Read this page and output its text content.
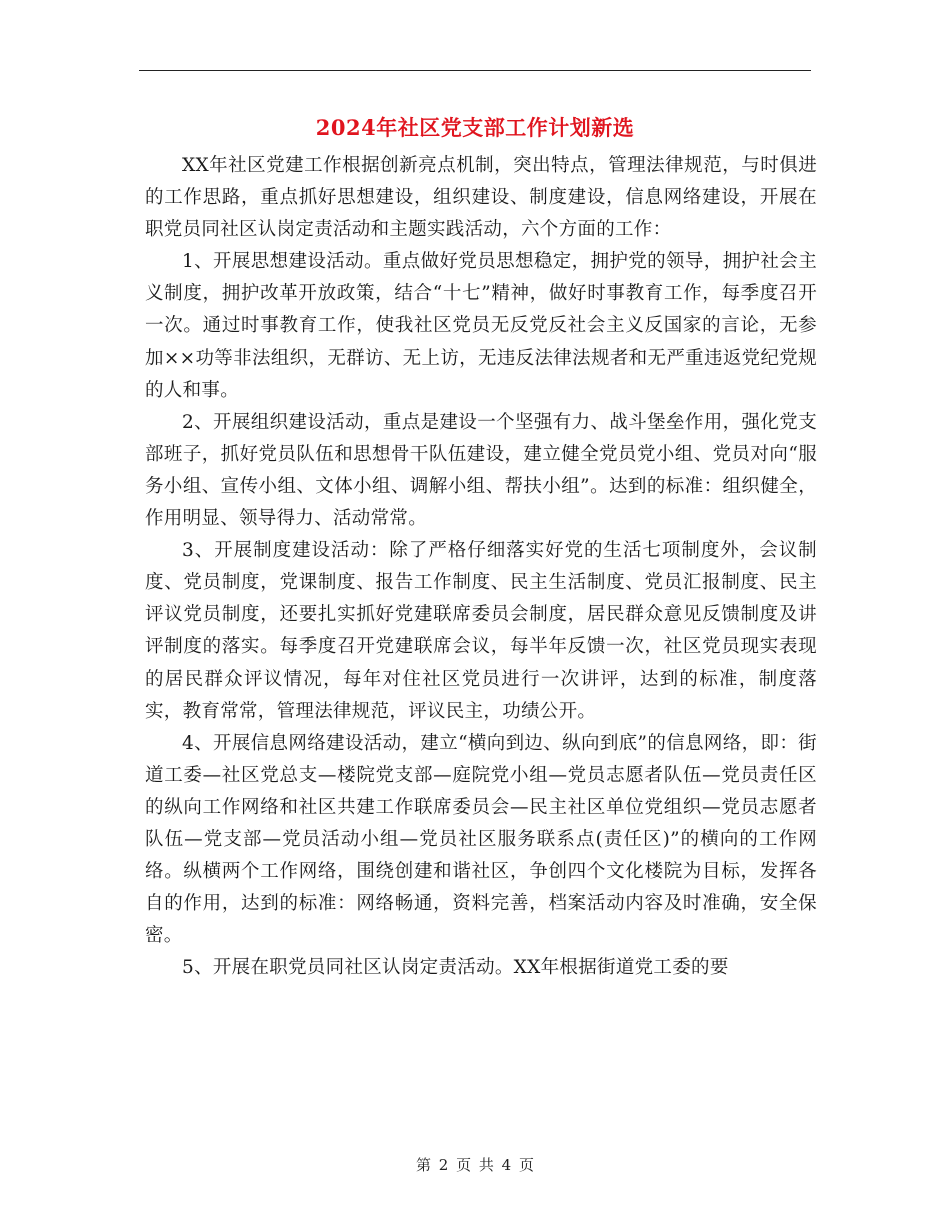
2024年社区党支部工作计划新选

XX年社区党建工作根据创新亮点机制，突出特点，管理法律规范，与时俱进的工作思路，重点抓好思想建设，组织建设、制度建设，信息网络建设，开展在职党员同社区认岗定责活动和主题实践活动，六个方面的工作：

1、开展思想建设活动。重点做好党员思想稳定，拥护党的领导，拥护社会主义制度，拥护改革开放政策，结合“十七”精神，做好时事教育工作，每季度召开一次。通过时事教育工作，使我社区党员无反党反社会主义反国家的言论，无参加××功等非法组织，无群访、无上访，无违反法律法规者和无严重违返党纪党规的人和事。

2、开展组织建设活动，重点是建设一个坚强有力、战斗堡垒作用，强化党支部班子，抓好党员队伍和思想骨干队伍建设，建立健全党员党小组、党员对向“服务小组、宣传小组、文体小组、调解小组、帮扶小组”。达到的标准：组织健全，作用明显、领导得力、活动常常。

3、开展制度建设活动：除了严格仔细落实好党的生活七项制度外，会议制度、党员制度，党课制度、报告工作制度、民主生活制度、党员汇报制度、民主评议党员制度，还要扎实抓好党建联席委员会制度，居民群众意见反馈制度及讲评制度的落实。每季度召开党建联席会议，每半年反馈一次，社区党员现实表现的居民群众评议情况，每年对住社区党员进行一次讲评，达到的标准，制度落实，教育常常，管理法律规范，评议民主，功绩公开。

4、开展信息网络建设活动，建立“横向到边、纵向到底”的信息网络，即：街道工委—社区党总支—楼院党支部—庭院党小组—党员志愿者队伍—党员责任区的纵向工作网络和社区共建工作联席委员会—民主社区单位党组织—党员志愿者队伍—党支部—党员活动小组—党员社区服务联系点(责任区)”的横向的工作网络。纵横两个工作网络，围绕创建和谐社区，争创四个文化楼院为目标，发挥各自的作用，达到的标准：网络畅通，资料完善，档案活动内容及时准确，安全保密。

5、开展在职党员同社区认岗定责活动。XX年根据街道党工委的要

第 2 页 共 4 页
